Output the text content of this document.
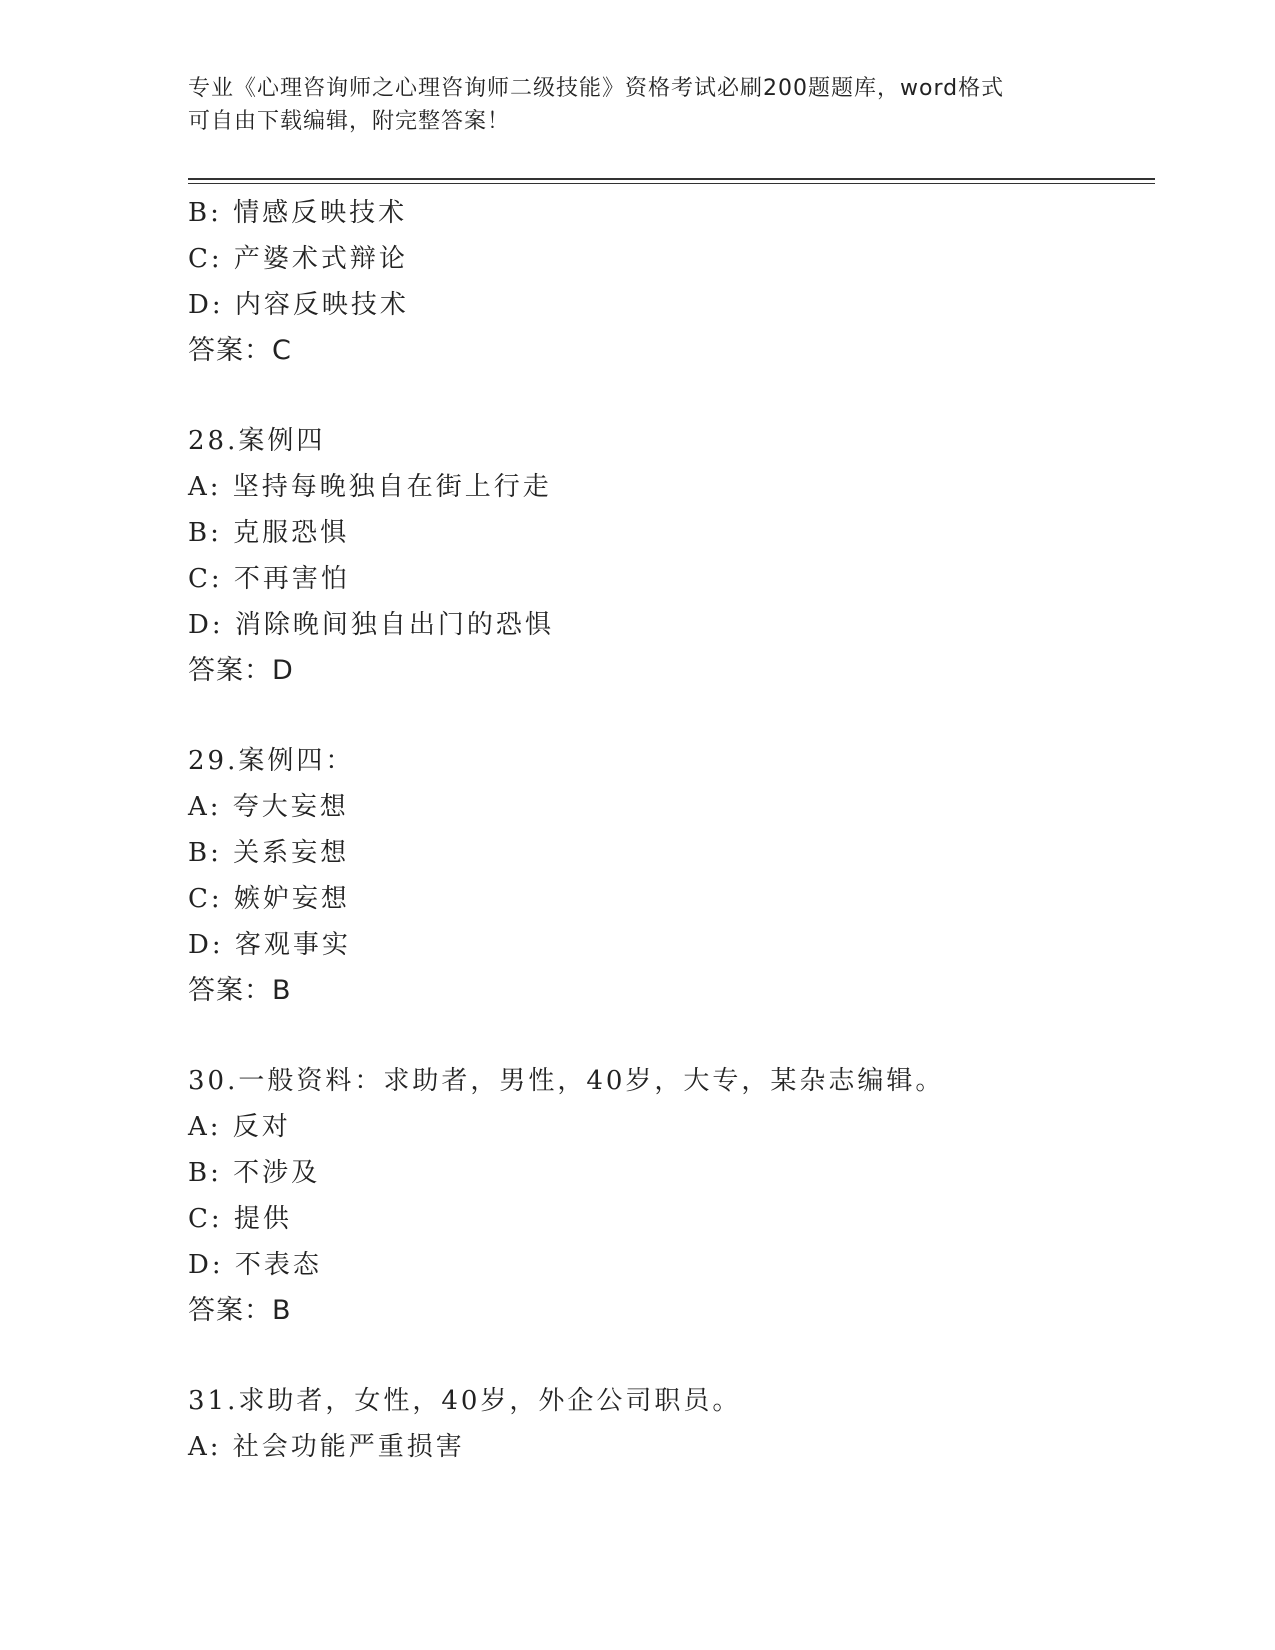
专业《心理咨询师之心理咨询师二级技能》资格考试必刷200题题库，word格式
可自由下载编辑，附完整答案！
B: 情感反映技术
C: 产婆术式辩论
D: 内容反映技术
答案：C
28.案例四
A: 坚持每晚独自在街上行走
B: 克服恐惧
C: 不再害怕
D: 消除晚间独自出门的恐惧
答案：D
29.案例四：
A: 夸大妄想
B: 关系妄想
C: 嫉妒妄想
D: 客观事实
答案：B
30.一般资料：求助者，男性，40岁，大专，某杂志编辑。
A: 反对
B: 不涉及
C: 提供
D: 不表态
答案：B
31.求助者，女性，40岁，外企公司职员。
A: 社会功能严重损害
